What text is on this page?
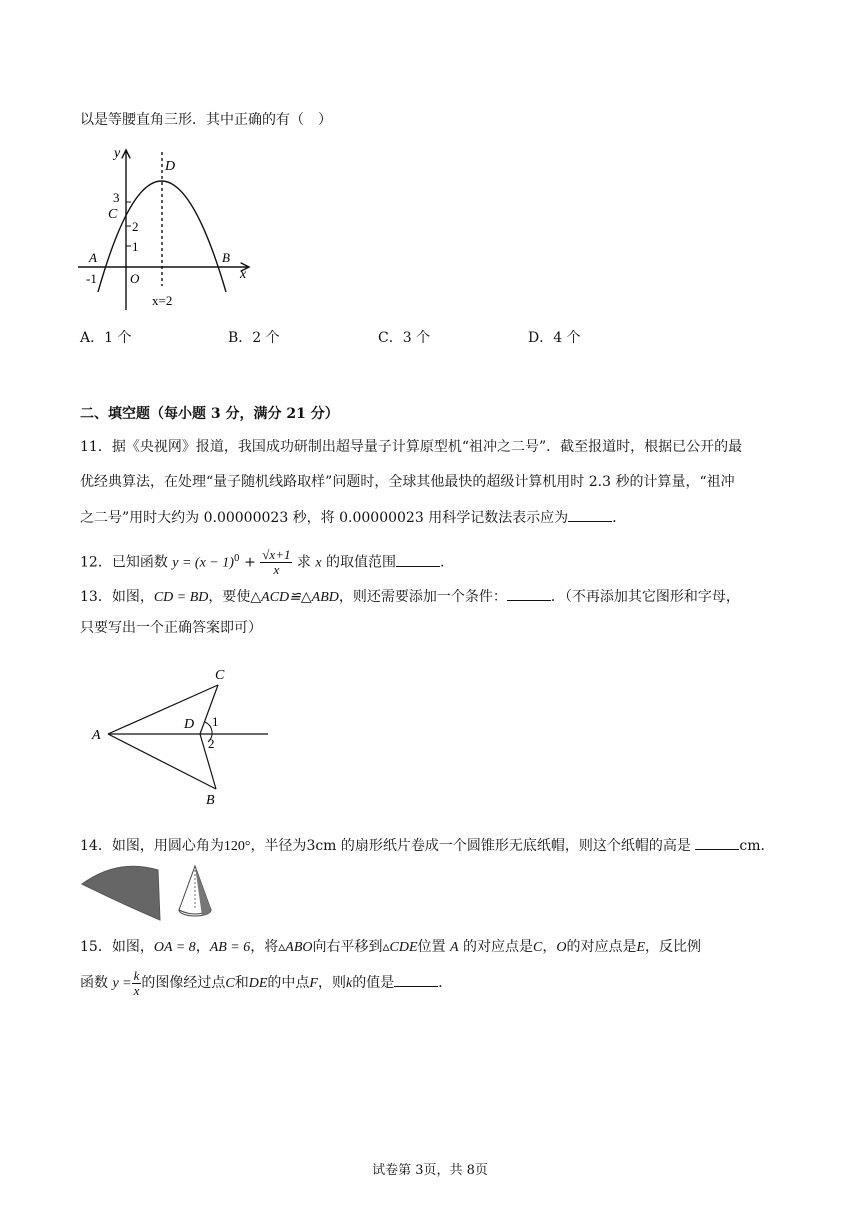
以是等腰直角三形．其中正确的有（　）
y
D
3
C
2
1
A	B
x
-1	O
x=2
A．1 个	B．2 个	C．3 个	D．4 个
二、填空题（每小题 3 分，满分 21 分）
11．据《央视网》报道，我国成功研制出超导量子计算原型机“祖冲之二号”．截至报道时，根据已公开的最
优经典算法，在处理“量子随机线路取样”问题时，全球其他最快的超级计算机用时 2.3 秒的计算量，“祖冲
之二号”用时大约为 0.00000023 秒，将 0.00000023 用科学记数法表示应为	．
12．已知函数 $y = (x - 1)^0 + \frac{√x+1}{x}$ 求 x 的取值范围	．
13．如图，CD = BD，要使△ACD≌△ABD，则还需要添加一个条件：	．（不再添加其它图形和字母，
只要写出一个正确答案即可）
C
D 1
A
2
B
14．如图，用圆心角为120°，半径为3cm 的扇形纸片卷成一个圆锥形无底纸帽，则这个纸帽的高是	cm．
15．如图，OA = 8，AB = 6，将▵ABO向右平移到▵CDE位置 A 的对应点是C，O的对应点是E，反比例
函数 $y = \frac{k}{x}$ 的图像经过点C和DE的中点F，则k的值是	．
试卷第 3页，共 8页
